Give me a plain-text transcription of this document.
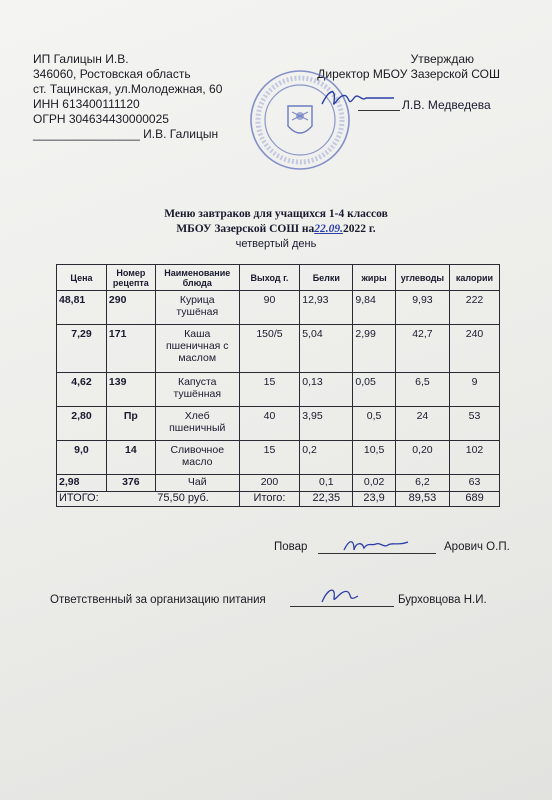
ИП Галицын И.В.
346060, Ростовская область
ст. Тацинская, ул.Молодежная, 60
ИНН 613400111120
ОГРН 304634430000025
________________ И.В. Галицын
Утверждаю
Директор МБОУ Зазерской СОШ
Л.В. Медведева
Меню завтраков для учащихся 1-4 классов
МБОУ Зазерской СОШ на22.09.2022 г.
четвертый день
Цена	Номер рецепта	Наименование блюда	Выход г.	Белки	жиры	углеводы	калории
48,81	290	Курица тушёная	90	12,93	9,84	9,93	222
7,29	171	Каша пшеничная с маслом	150/5	5,04	2,99	42,7	240
4,62	139	Капуста тушённая	15	0,13	0,05	6,5	9
2,80	Пр	Хлеб пшеничный	40	3,95	0,5	24	53
9,0	14	Сливочное масло	15	0,2	10,5	0,20	102
2,98	376	Чай	200	0,1	0,02	6,2	63
ИТОГО:		75,50 руб.	Итого:	22,35	23,9	89,53	689
Повар	Арович О.П.
Ответственный за организацию питания	Бурховцова Н.И.
